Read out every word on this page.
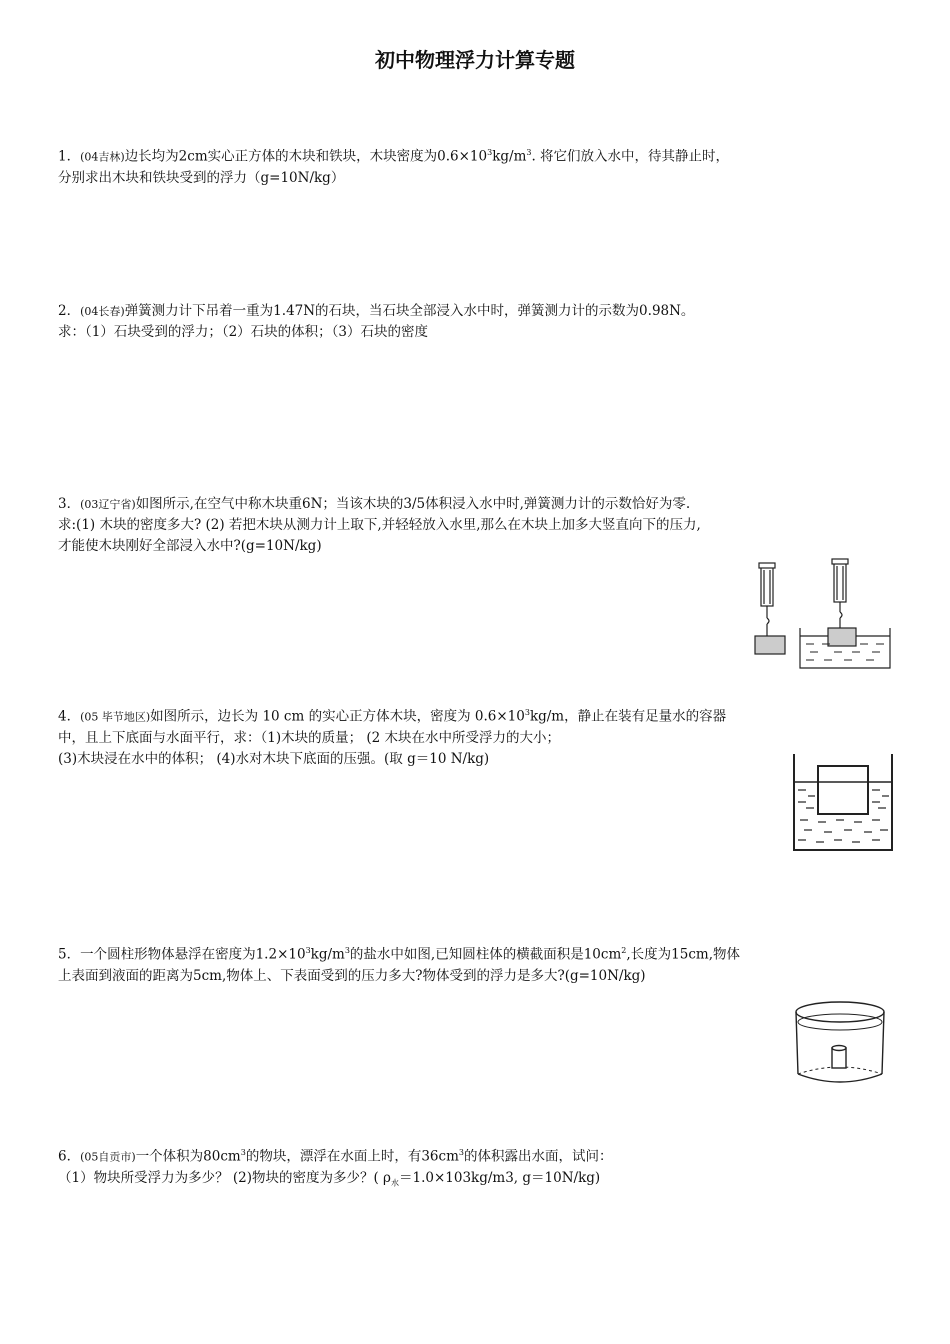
初中物理浮力计算专题

1．(04吉林)边长均为2cm实心正方体的木块和铁块，木块密度为$0.6\times 10^3kg/m^3$. 将它们放入水中，待其静止时，

分别求出木块和铁块受到的浮力（g=10N/kg）

2．(04长春)弹簧测力计下吊着一重为1.47N的石块，当石块全部浸入水中时，弹簧测力计的示数为0.98N。

求：（1）石块受到的浮力；（2）石块的体积；（3）石块的密度

3．(03辽宁省)如图所示,在空气中称木块重6N；当该木块的3/5体积浸入水中时,弹簧测力计的示数恰好为零.

求:(1) 木块的密度多大? (2) 若把木块从测力计上取下,并轻轻放入水里,那么在木块上加多大竖直向下的压力,

才能使木块刚好全部浸入水中?(g=10N/kg)

4．(05 毕节地区)如图所示，边长为 10 cm 的实心正方体木块，密度为 $0.6\times 10^3kg/m$，静止在装有足量水的容器

中，且上下底面与水面平行，求：（1)木块的质量； (2 木块在水中所受浮力的大小；

(3)木块浸在水中的体积； (4)水对木块下底面的压强。(取 g＝10 N/kg)

5．一个圆柱形物体悬浮在密度为$1.2\times 10^3kg/m^3$的盐水中如图,已知圆柱体的横截面积是$10cm^2$,长度为15cm,物体

上表面到液面的距离为5cm,物体上、下表面受到的压力多大?物体受到的浮力是多大?(g=10N/kg)

6．(05自贡市)一个体积为$80cm^3$的物块，漂浮在水面上时，有$36cm^3$的体积露出水面，试问：

（1）物块所受浮力为多少？ (2)物块的密度为多少？( $\rho_水=1.0\times 103kg/m3$, g＝10N/kg)
